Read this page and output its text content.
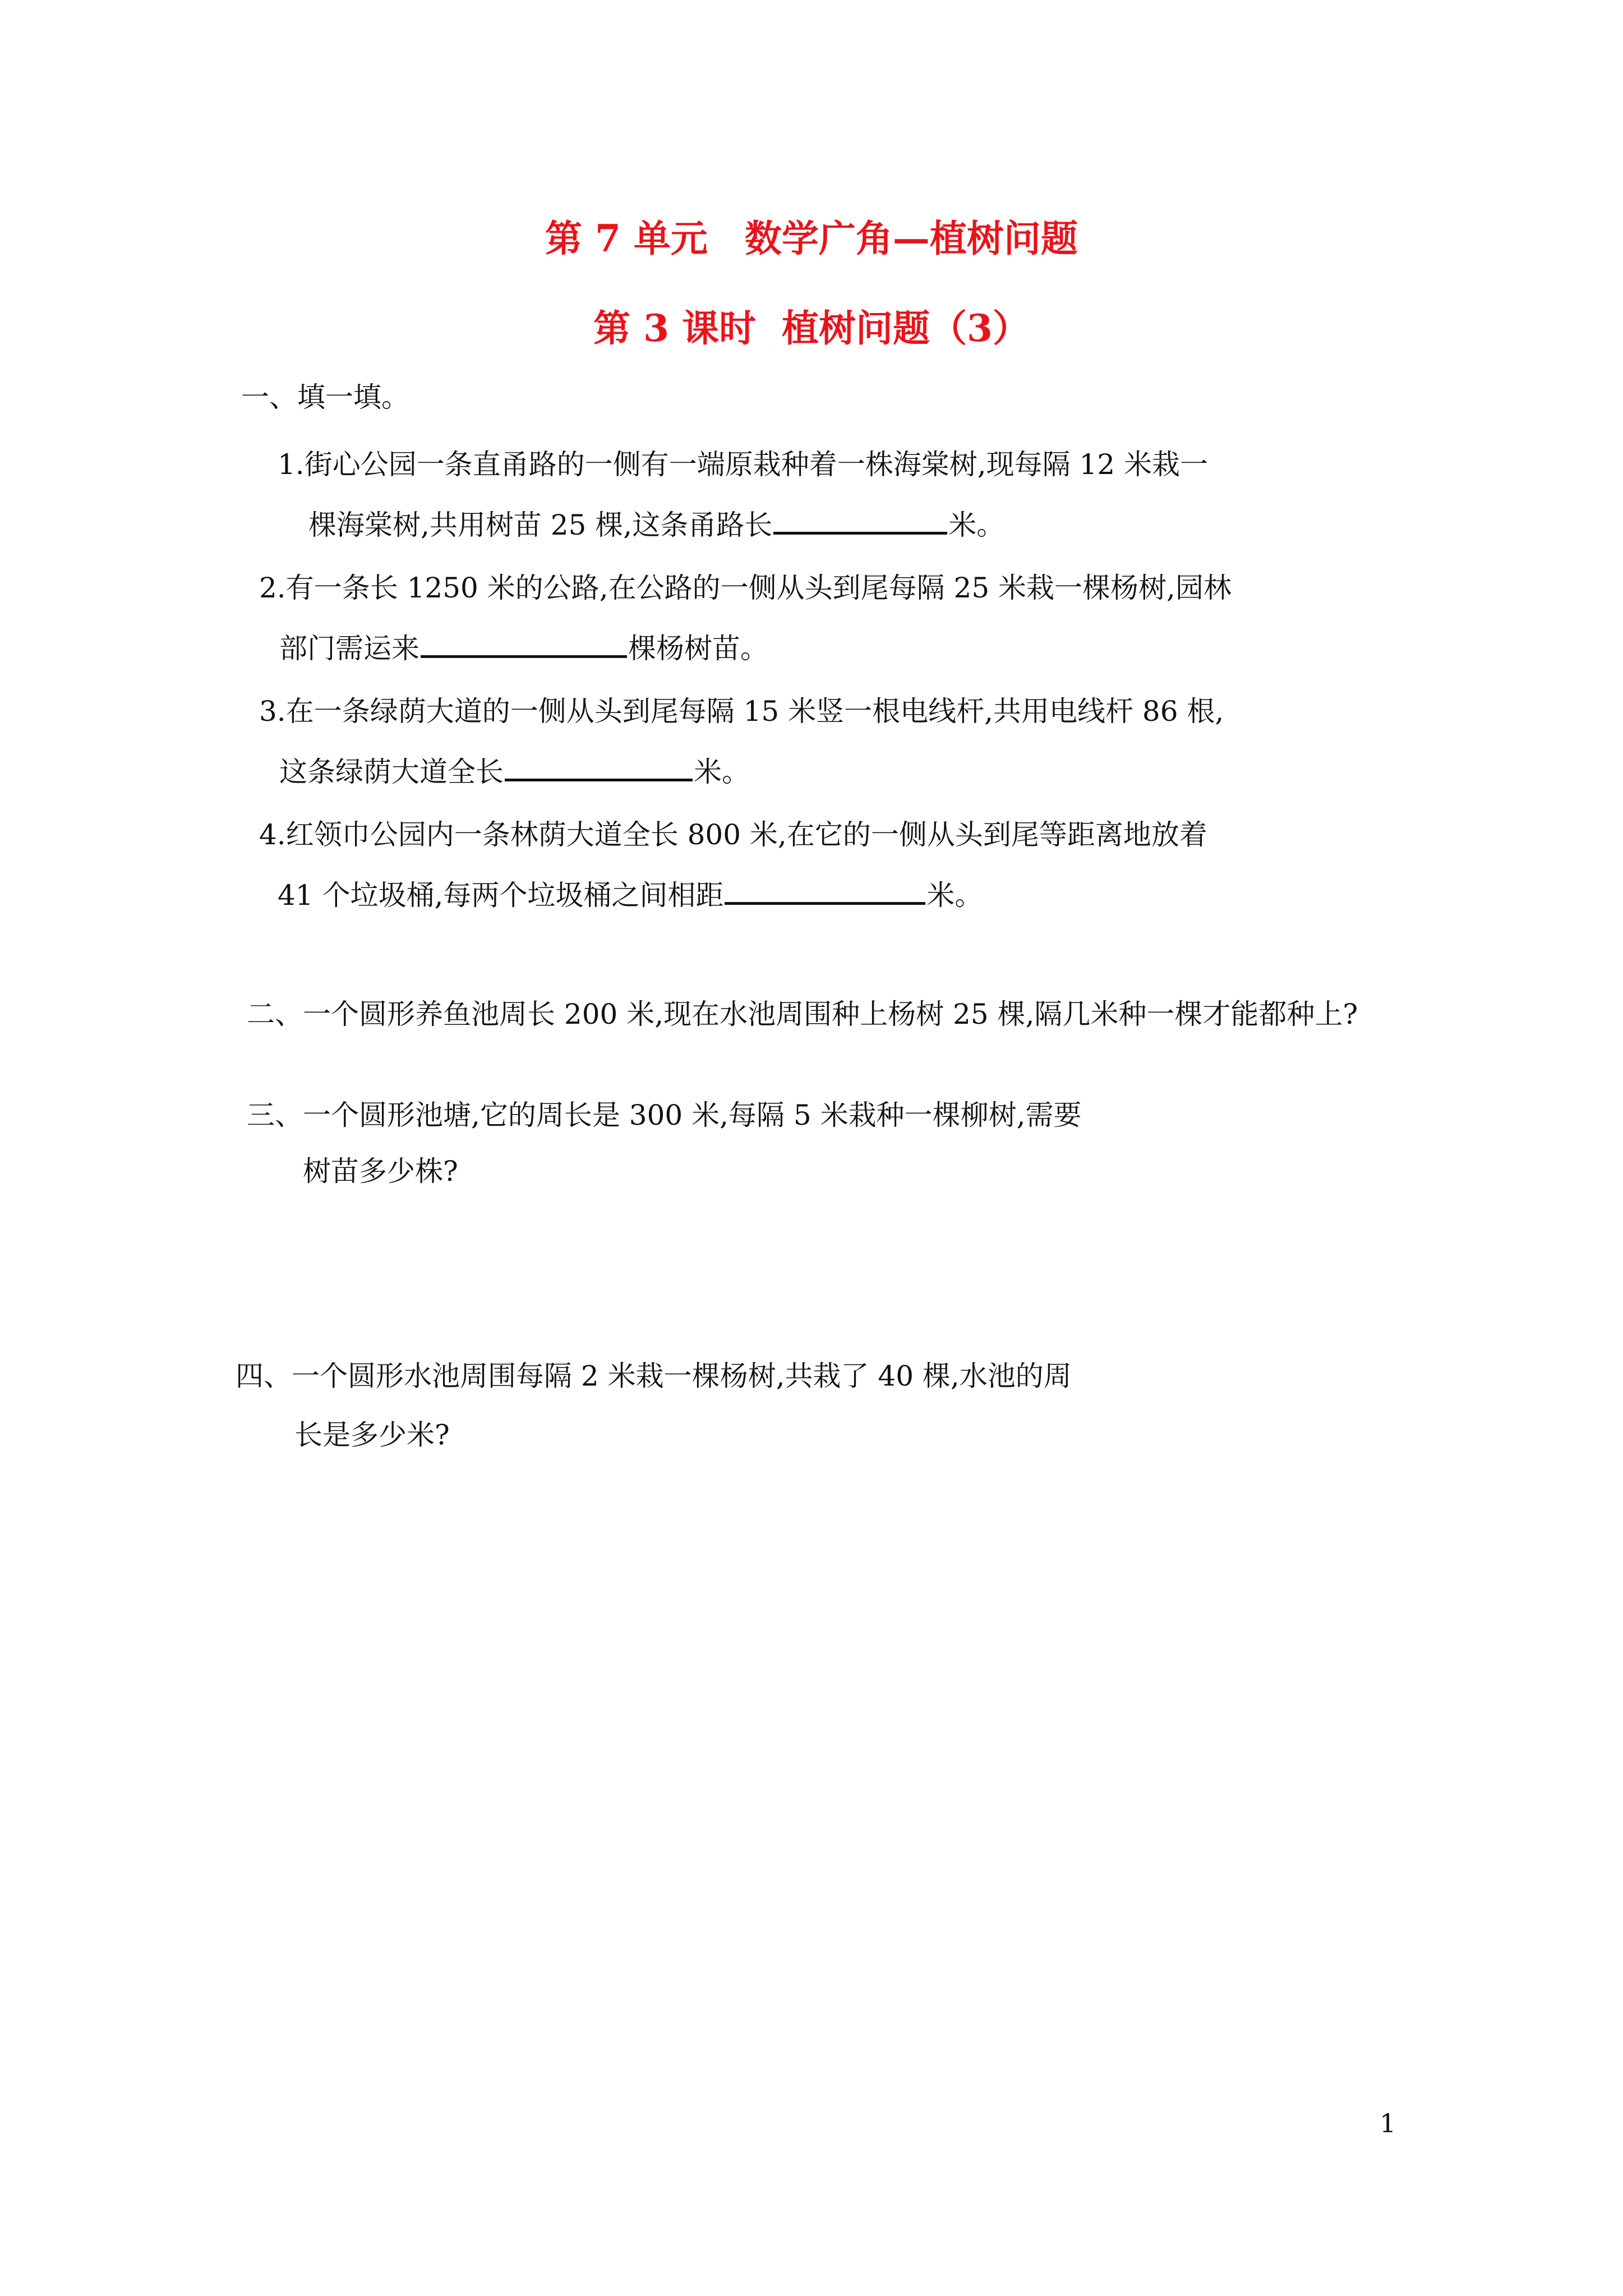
第 7 单元　数学广角—植树问题
第 3 课时  植树问题（3）
一、填一填。
1.街心公园一条直甬路的一侧有一端原栽种着一株海棠树,现每隔 12 米栽一
棵海棠树,共用树苗 25 棵,这条甬路长	米。
2.有一条长 1250 米的公路,在公路的一侧从头到尾每隔 25 米栽一棵杨树,园林
部门需运来	棵杨树苗。
3.在一条绿荫大道的一侧从头到尾每隔 15 米竖一根电线杆,共用电线杆 86 根,
这条绿荫大道全长	米。
4.红领巾公园内一条林荫大道全长 800 米,在它的一侧从头到尾等距离地放着
41 个垃圾桶,每两个垃圾桶之间相距	米。
二、一个圆形养鱼池周长 200 米,现在水池周围种上杨树 25 棵,隔几米种一棵才能都种上?
三、一个圆形池塘,它的周长是 300 米,每隔 5 米栽种一棵柳树,需要
树苗多少株?
四、一个圆形水池周围每隔 2 米栽一棵杨树,共栽了 40 棵,水池的周
长是多少米?
1
